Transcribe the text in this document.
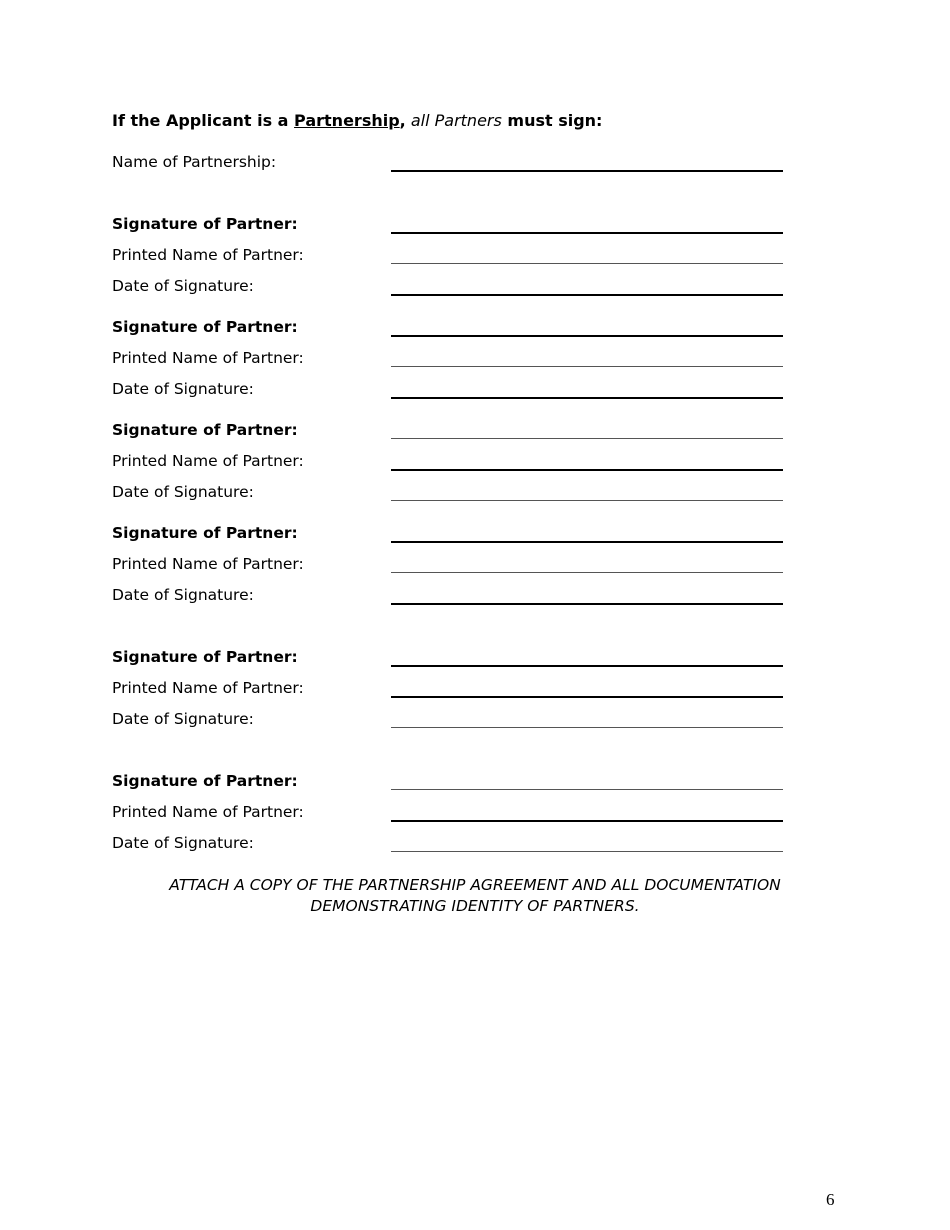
If the Applicant is a Partnership, all Partners must sign:
Name of Partnership:
Signature of Partner:
Printed Name of Partner:
Date of Signature:
Signature of Partner:
Printed Name of Partner:
Date of Signature:
Signature of Partner:
Printed Name of Partner:
Date of Signature:
Signature of Partner:
Printed Name of Partner:
Date of Signature:
Signature of Partner:
Printed Name of Partner:
Date of Signature:
Signature of Partner:
Printed Name of Partner:
Date of Signature:
ATTACH A COPY OF THE PARTNERSHIP AGREEMENT AND ALL DOCUMENTATION DEMONSTRATING IDENTITY OF PARTNERS.
6
